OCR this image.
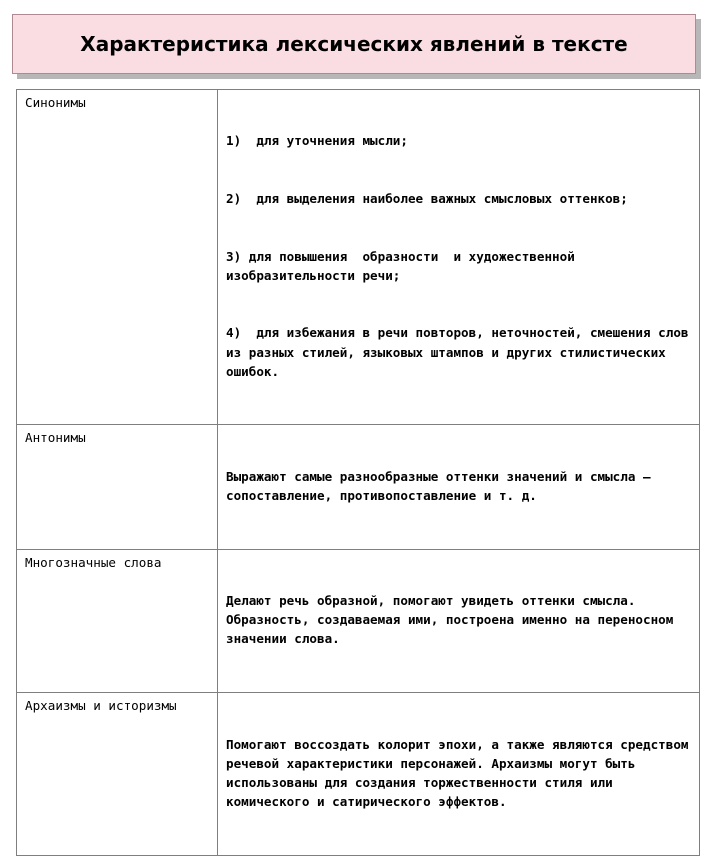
Характеристика лексических явлений в тексте
Синонимы	1)  для уточнения мысли;

2)  для выделения наиболее важных смысловых оттенков;

3) для повышения  образности  и художественной изобразительности речи;

4)  для избежания в речи повторов, неточностей, смешения слов из разных стилей, языковых штампов и других стилистических ошибок.

Антонимы	Выражают самые разнообразные оттенки значений и смысла — сопоставление, противопоставление и т. д.

Многозначные слова	Делают речь образной, помогают увидеть оттенки смысла. Образность, создаваемая ими, построена именно на переносном значении слова.

Архаизмы и историзмы	Помогают воссоздать колорит эпохи, а также являются средством речевой характеристики персонажей. Архаизмы могут быть использованы для создания торжественности стиля или комического и сатирического эффектов.
